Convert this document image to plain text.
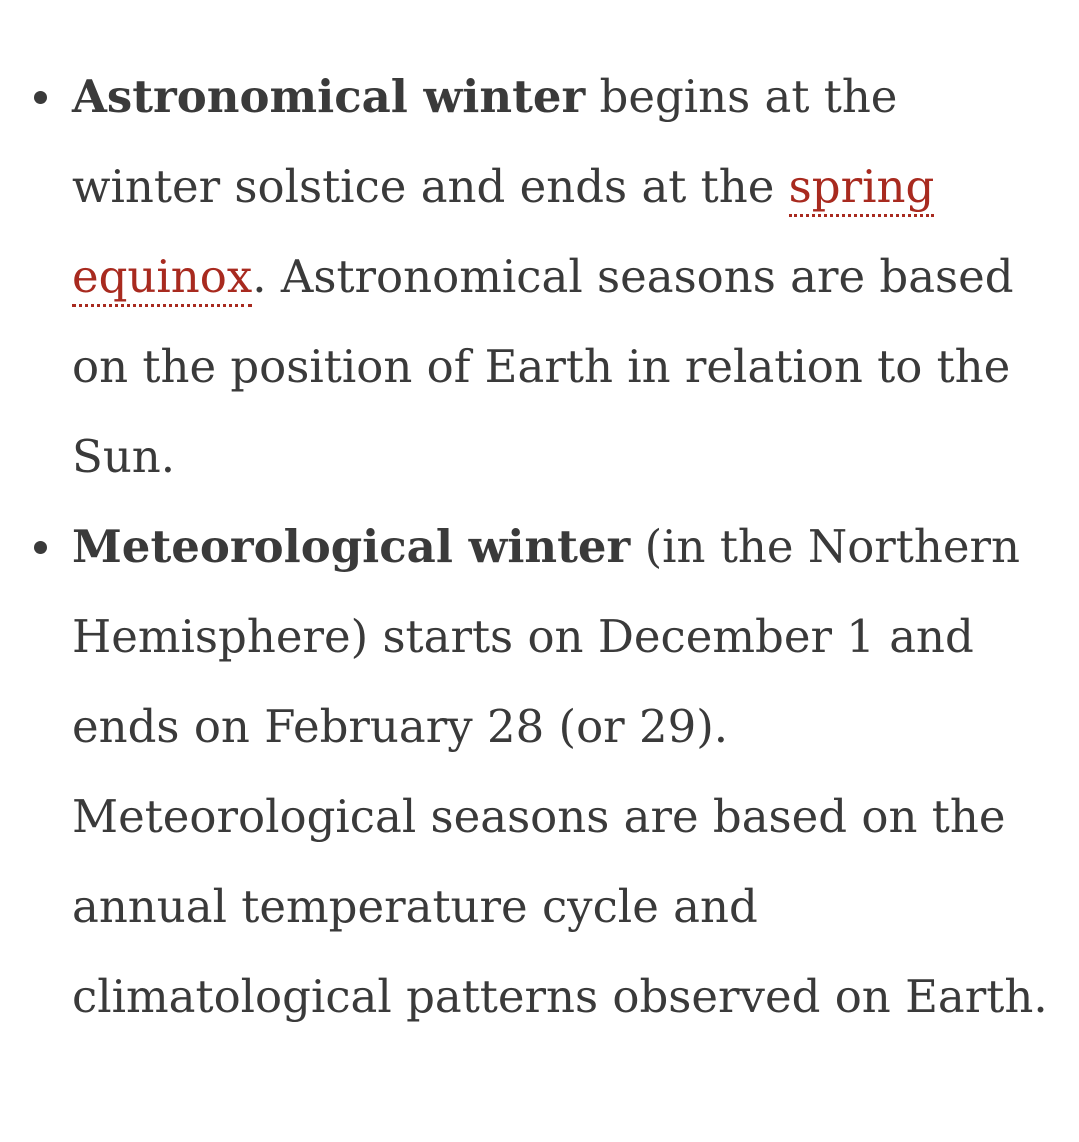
Astronomical winter begins at the winter solstice and ends at the spring equinox. Astronomical seasons are based on the position of Earth in relation to the Sun.
Meteorological winter (in the Northern Hemisphere) starts on December 1 and ends on February 28 (or 29). Meteorological seasons are based on the annual temperature cycle and climatological patterns observed on Earth.
